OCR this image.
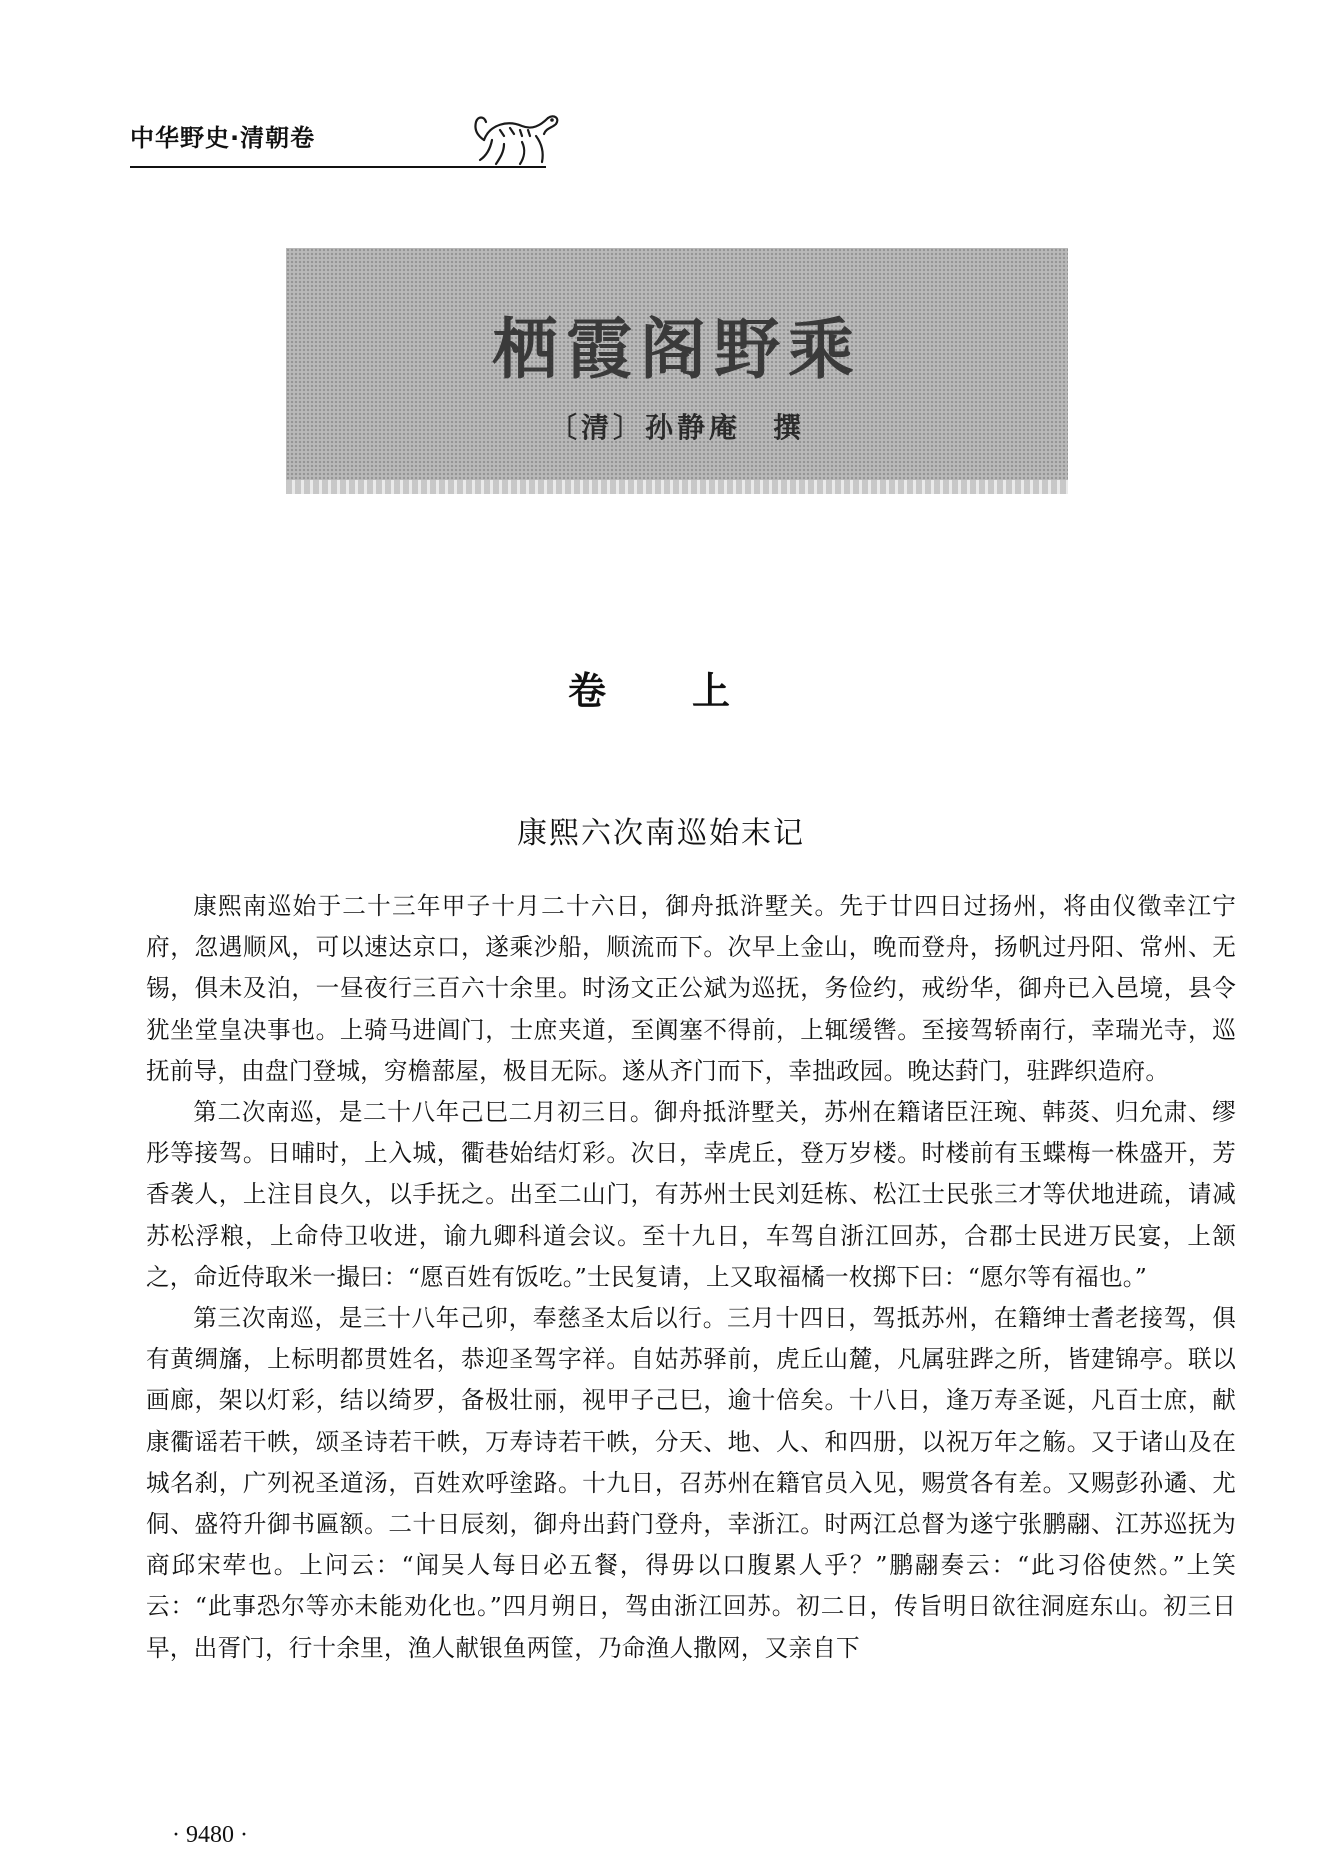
中华野史·清朝卷
栖霞阁野乘
〔清〕孙静庵　撰
卷　上
康熙六次南巡始末记

康熙南巡始于二十三年甲子十月二十六日，御舟抵浒墅关。先于廿四日过扬州，将由仪徵幸江宁府，忽遇顺风，可以速达京口，遂乘沙船，顺流而下。次早上金山，晚而登舟，扬帆过丹阳、常州、无锡，俱未及泊，一昼夜行三百六十余里。时汤文正公斌为巡抚，务俭约，戒纷华，御舟已入邑境，县令犹坐堂皇决事也。上骑马进阊门，士庶夹道，至阗塞不得前，上辄缓辔。至接驾轿南行，幸瑞光寺，巡抚前导，由盘门登城，穷檐蔀屋，极目无际。遂从齐门而下，幸拙政园。晚达葑门，驻跸织造府。

第二次南巡，是二十八年己巳二月初三日。御舟抵浒墅关，苏州在籍诸臣汪琬、韩菼、归允肃、缪彤等接驾。日晡时，上入城，衢巷始结灯彩。次日，幸虎丘，登万岁楼。时楼前有玉蝶梅一株盛开，芳香袭人，上注目良久，以手抚之。出至二山门，有苏州士民刘廷栋、松江士民张三才等伏地进疏，请减苏松浮粮，上命侍卫收进，谕九卿科道会议。至十九日，车驾自浙江回苏，合郡士民进万民宴，上颔之，命近侍取米一撮曰：“愿百姓有饭吃。”士民复请，上又取福橘一枚掷下曰：“愿尔等有福也。”

第三次南巡，是三十八年己卯，奉慈圣太后以行。三月十四日，驾抵苏州，在籍绅士耆老接驾，俱有黄绸旛，上标明都贯姓名，恭迎圣驾字祥。自姑苏驿前，虎丘山麓，凡属驻跸之所，皆建锦亭。联以画廊，架以灯彩，结以绮罗，备极壮丽，视甲子己巳，逾十倍矣。十八日，逢万寿圣诞，凡百士庶，献康衢谣若干帙，颂圣诗若干帙，万寿诗若干帙，分天、地、人、和四册，以祝万年之觞。又于诸山及在城名刹，广列祝圣道汤，百姓欢呼塗路。十九日，召苏州在籍官员入见，赐赏各有差。又赐彭孙遹、尤侗、盛符升御书匾额。二十日辰刻，御舟出葑门登舟，幸浙江。时两江总督为遂宁张鹏翮、江苏巡抚为商邱宋荦也。上问云：“闻吴人每日必五餐，得毋以口腹累人乎？”鹏翮奏云：“此习俗使然。”上笑云：“此事恐尔等亦未能劝化也。”四月朔日，驾由浙江回苏。初二日，传旨明日欲往洞庭东山。初三日早，出胥门，行十余里，渔人献银鱼两筐，乃命渔人撒网，又亲自下

· 9480 ·
